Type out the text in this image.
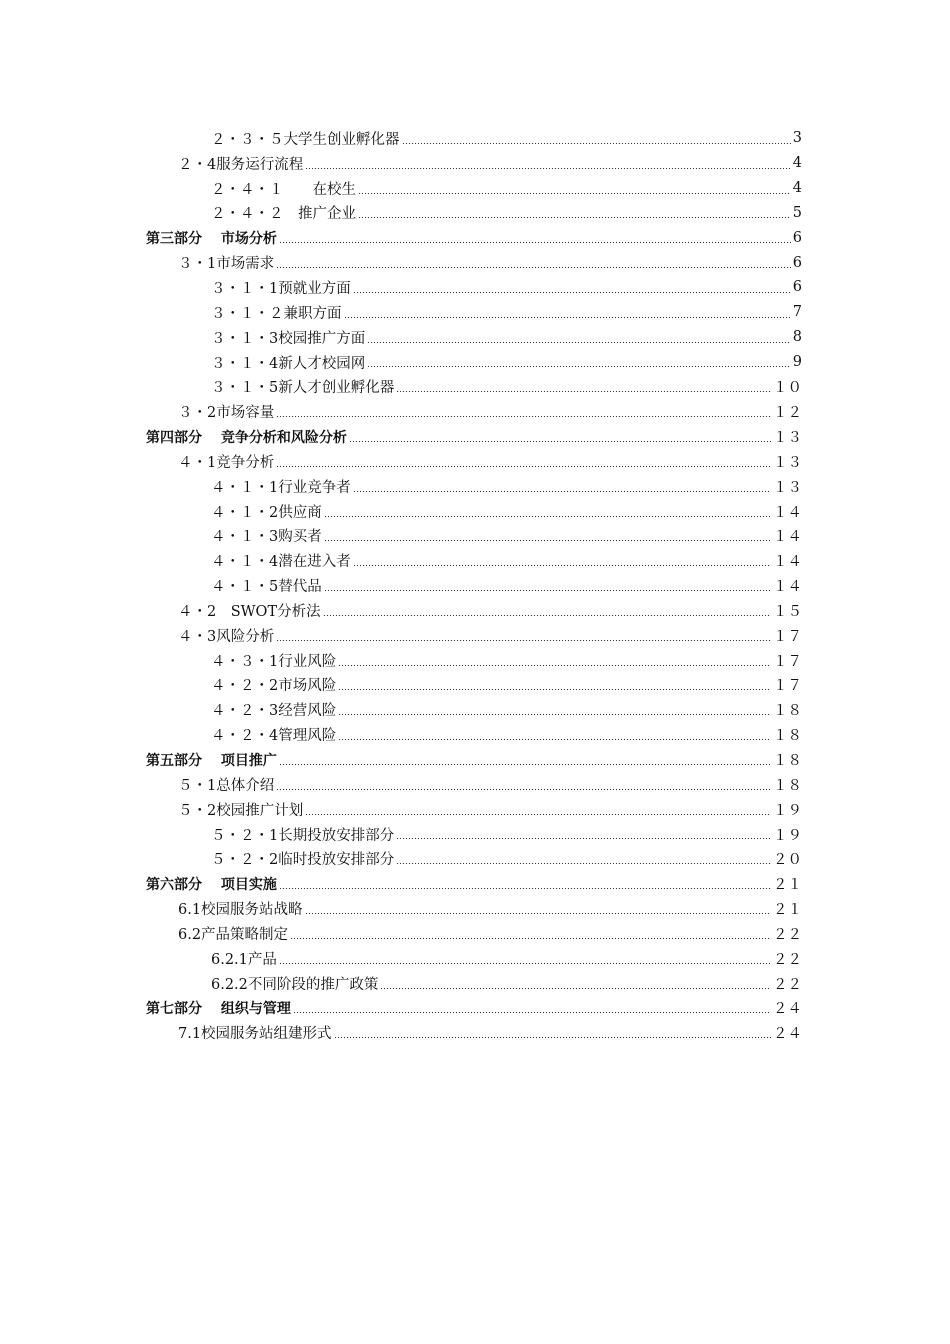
２・３・５大学生创业孵化器	3
２・4服务运行流程	4
２・４・１　　在校生	4
２・４・２　推广企业	5
第三部分　 市场分析	6
３・1市场需求	6
３・１・1预就业方面	6
３・１・２兼职方面	7
３・１・3校园推广方面	8
３・１・4新人才校园网	9
３・１・5新人才创业孵化器	１０
３・2市场容量	１２
第四部分　 竞争分析和风险分析	１３
４・1竞争分析	１３
４・１・1行业竞争者	１３
４・１・2供应商	１４
４・１・3购买者	１４
４・１・4潜在进入者	１４
４・１・5替代品	１４
４・2　SWOT分析法	１５
４・3风险分析	１７
４・３・1行业风险	１７
４・２・2市场风险	１７
４・２・3经营风险	１８
４・２・4管理风险	１８
第五部分　 项目推广	１８
５・1总体介绍	１８
５・2校园推广计划	１９
５・２・1长期投放安排部分	１９
５・２・2临时投放安排部分	２０
第六部分　 项目实施	２１
6.1校园服务站战略	２１
6.2产品策略制定	２２
6.2.1产品	２２
6.2.2不同阶段的推广政策	２２
第七部分　 组织与管理	２４
7.1校园服务站组建形式	２４
